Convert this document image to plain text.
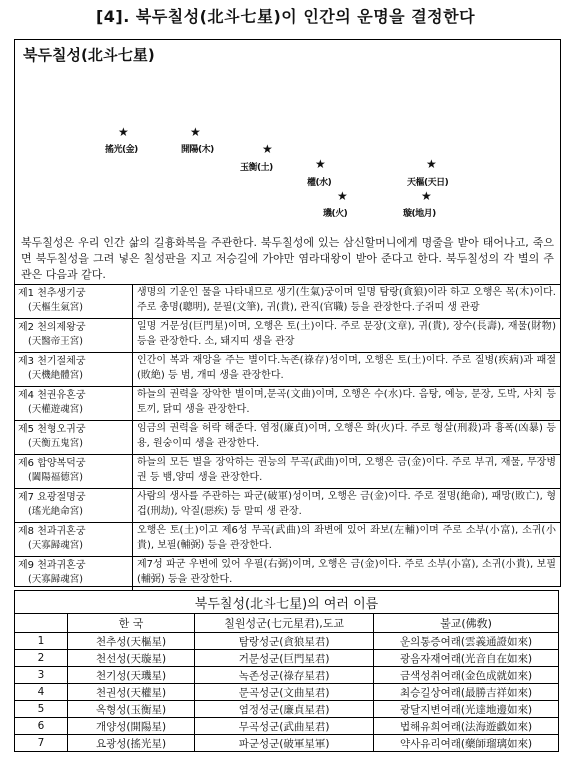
[4]. 북두칠성(北斗七星)이 인간의 운명을 결정한다
북두칠성(北斗七星)
★
搖光(金)
★
開陽(木)	★
玉衡(土)	★
權(水)
★
璣(火)
★
天樞(天日)
★
璇(地月)
북두칠성은 우리 인간 삶의 길흉화복을 주관한다. 북두칠성에 있는 삼신할머니에게 명줄을 받아 태어나고, 죽으면 북두칠성을 그려 넣은 칠성판을 지고 저승길에 가야만 염라대왕이 받아 준다고 한다. 북두칠성의 각 별의 주관은 다음과 같다.
제1 천추생기궁
(天樞生氣宮)
생명의 기운인 물을 나타내므로 생기(生氣)궁이며 일명 탐랑(貪狼)이라 하고 오행은 목(木)이다. 주로 총명(聰明), 문필(文筆), 귀(貴), 관직(官職) 등을 관장한다.子쥐띠 생 관광
제2 천의제왕궁
(天醫帝王宮)
일명 거문성(巨門星)이며, 오행은 토(土)이다. 주로 문장(文章), 귀(貴), 장수(長壽), 재물(財物) 등을 관장한다. 소, 돼지띠 생을 관장
제3 천기절체궁
(天機絶體宮)
인간이 복과 재앙을 주는 별이다.녹존(祿存)성이며, 오행은 토(土)이다. 주로 질병(疾病)과 패절(敗絶) 등 범, 개띠 생을 관장한다.
제4 천권유혼궁
(天權遊魂宮)
하늘의 권력을 장악한 별이며,문곡(文曲)이며, 오행은 수(水)다. 음탕, 예능, 문장, 도박, 사치 등 토끼, 닭띠 생을 관장한다.
제5 천형오귀궁
(天衡五鬼宮)
임금의 권력을 허락 해준다. 염정(廉貞)이며, 오행은 화(火)다. 주로 형살(刑殺)과 흉폭(凶暴) 등 용, 원숭이띠 생을 관장한다.
제6 합양복덕궁
(闔陽福德宮)
하늘의 모든 별을 장악하는 권능의 무곡(武曲)이며, 오행은 금(金)이다. 주로 부귀, 재물, 무장병권 등 뱀,양띠 생을 관장한다.
제7 요광절명궁
(瑤光絶命宮)
사람의 생사를 주관하는 파군(破軍)성이며, 오행은 금(金)이다. 주로 절명(絶命), 패망(敗亡), 형겁(刑劫), 악질(惡疾) 등 말띠 생 관장.
제8 천과귀혼궁
(天寡歸魂宮)
오행은 토(土)이고 제6성 무곡(武曲)의 좌변에 있어 좌보(左輔)이며 주로 소부(小富), 소귀(小貴), 보필(輔弼) 등을 관장한다.
제9 천과귀혼궁
(天寡歸魂宮)
제7성 파군 우변에 있어 우필(右弼)이며, 오행은 금(金)이다. 주로 소부(小富), 소귀(小貴), 보필(輔弼) 등을 관장한다.
북두칠성(北斗七星)의 여러 이름			
	한 국	칠원성군(七元星君),도교	불교(佛敎)
1	천추성(天樞星)	탐랑성군(貪狼星君)	운의통증여래(雲義通證如來)
2	천선성(天璇星)	거문성군(巨門星君)	광음자재여래(光音自在如來)
3	천기성(天璣星)	녹존성군(祿存星君)	금색성취여래(金色成就如來)
4	천권성(天權星)	문곡성군(文曲星君)	최승길상여래(最勝吉祥如來)
5	옥형성(玉衡星)	염정성군(廉貞星君)	광달지변여래(光達地邊如來)
6	개양성(開陽星)	무곡성군(武曲星君)	법해유희여래(法海遊戱如來)
7	요광성(搖光星)	파군성군(破軍星軍)	약사유리여래(藥師瑠璃如來)
